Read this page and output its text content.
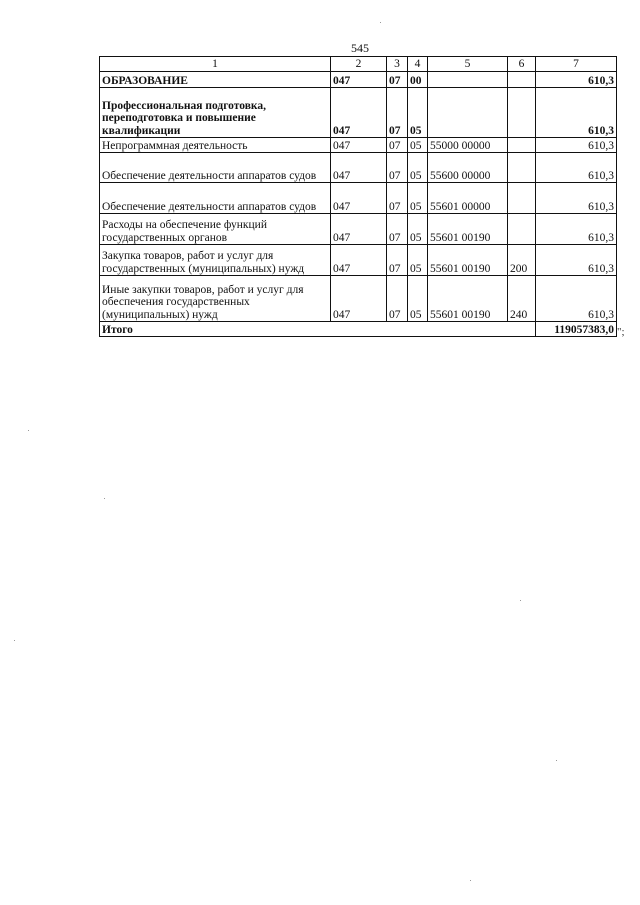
545
1	2	3	4	5	6	7
ОБРАЗОВАНИЕ	047	07	00			610,3
Профессиональная подготовка, переподготовка и повышение квалификации	047	07	05			610,3
Непрограммная деятельность	047	07	05	55000 00000		610,3
Обеспечение деятельности аппаратов судов	047	07	05	55600 00000		610,3
Обеспечение деятельности аппаратов судов	047	07	05	55601 00000		610,3
Расходы на обеспечение функций государственных органов	047	07	05	55601 00190		610,3
Закупка товаров, работ и услуг для государственных (муниципальных) нужд	047	07	05	55601 00190	200	610,3
Иные закупки товаров, работ и услуг для обеспечения государственных (муниципальных) нужд	047	07	05	55601 00190	240	610,3
Итого						119057383,0 ";
